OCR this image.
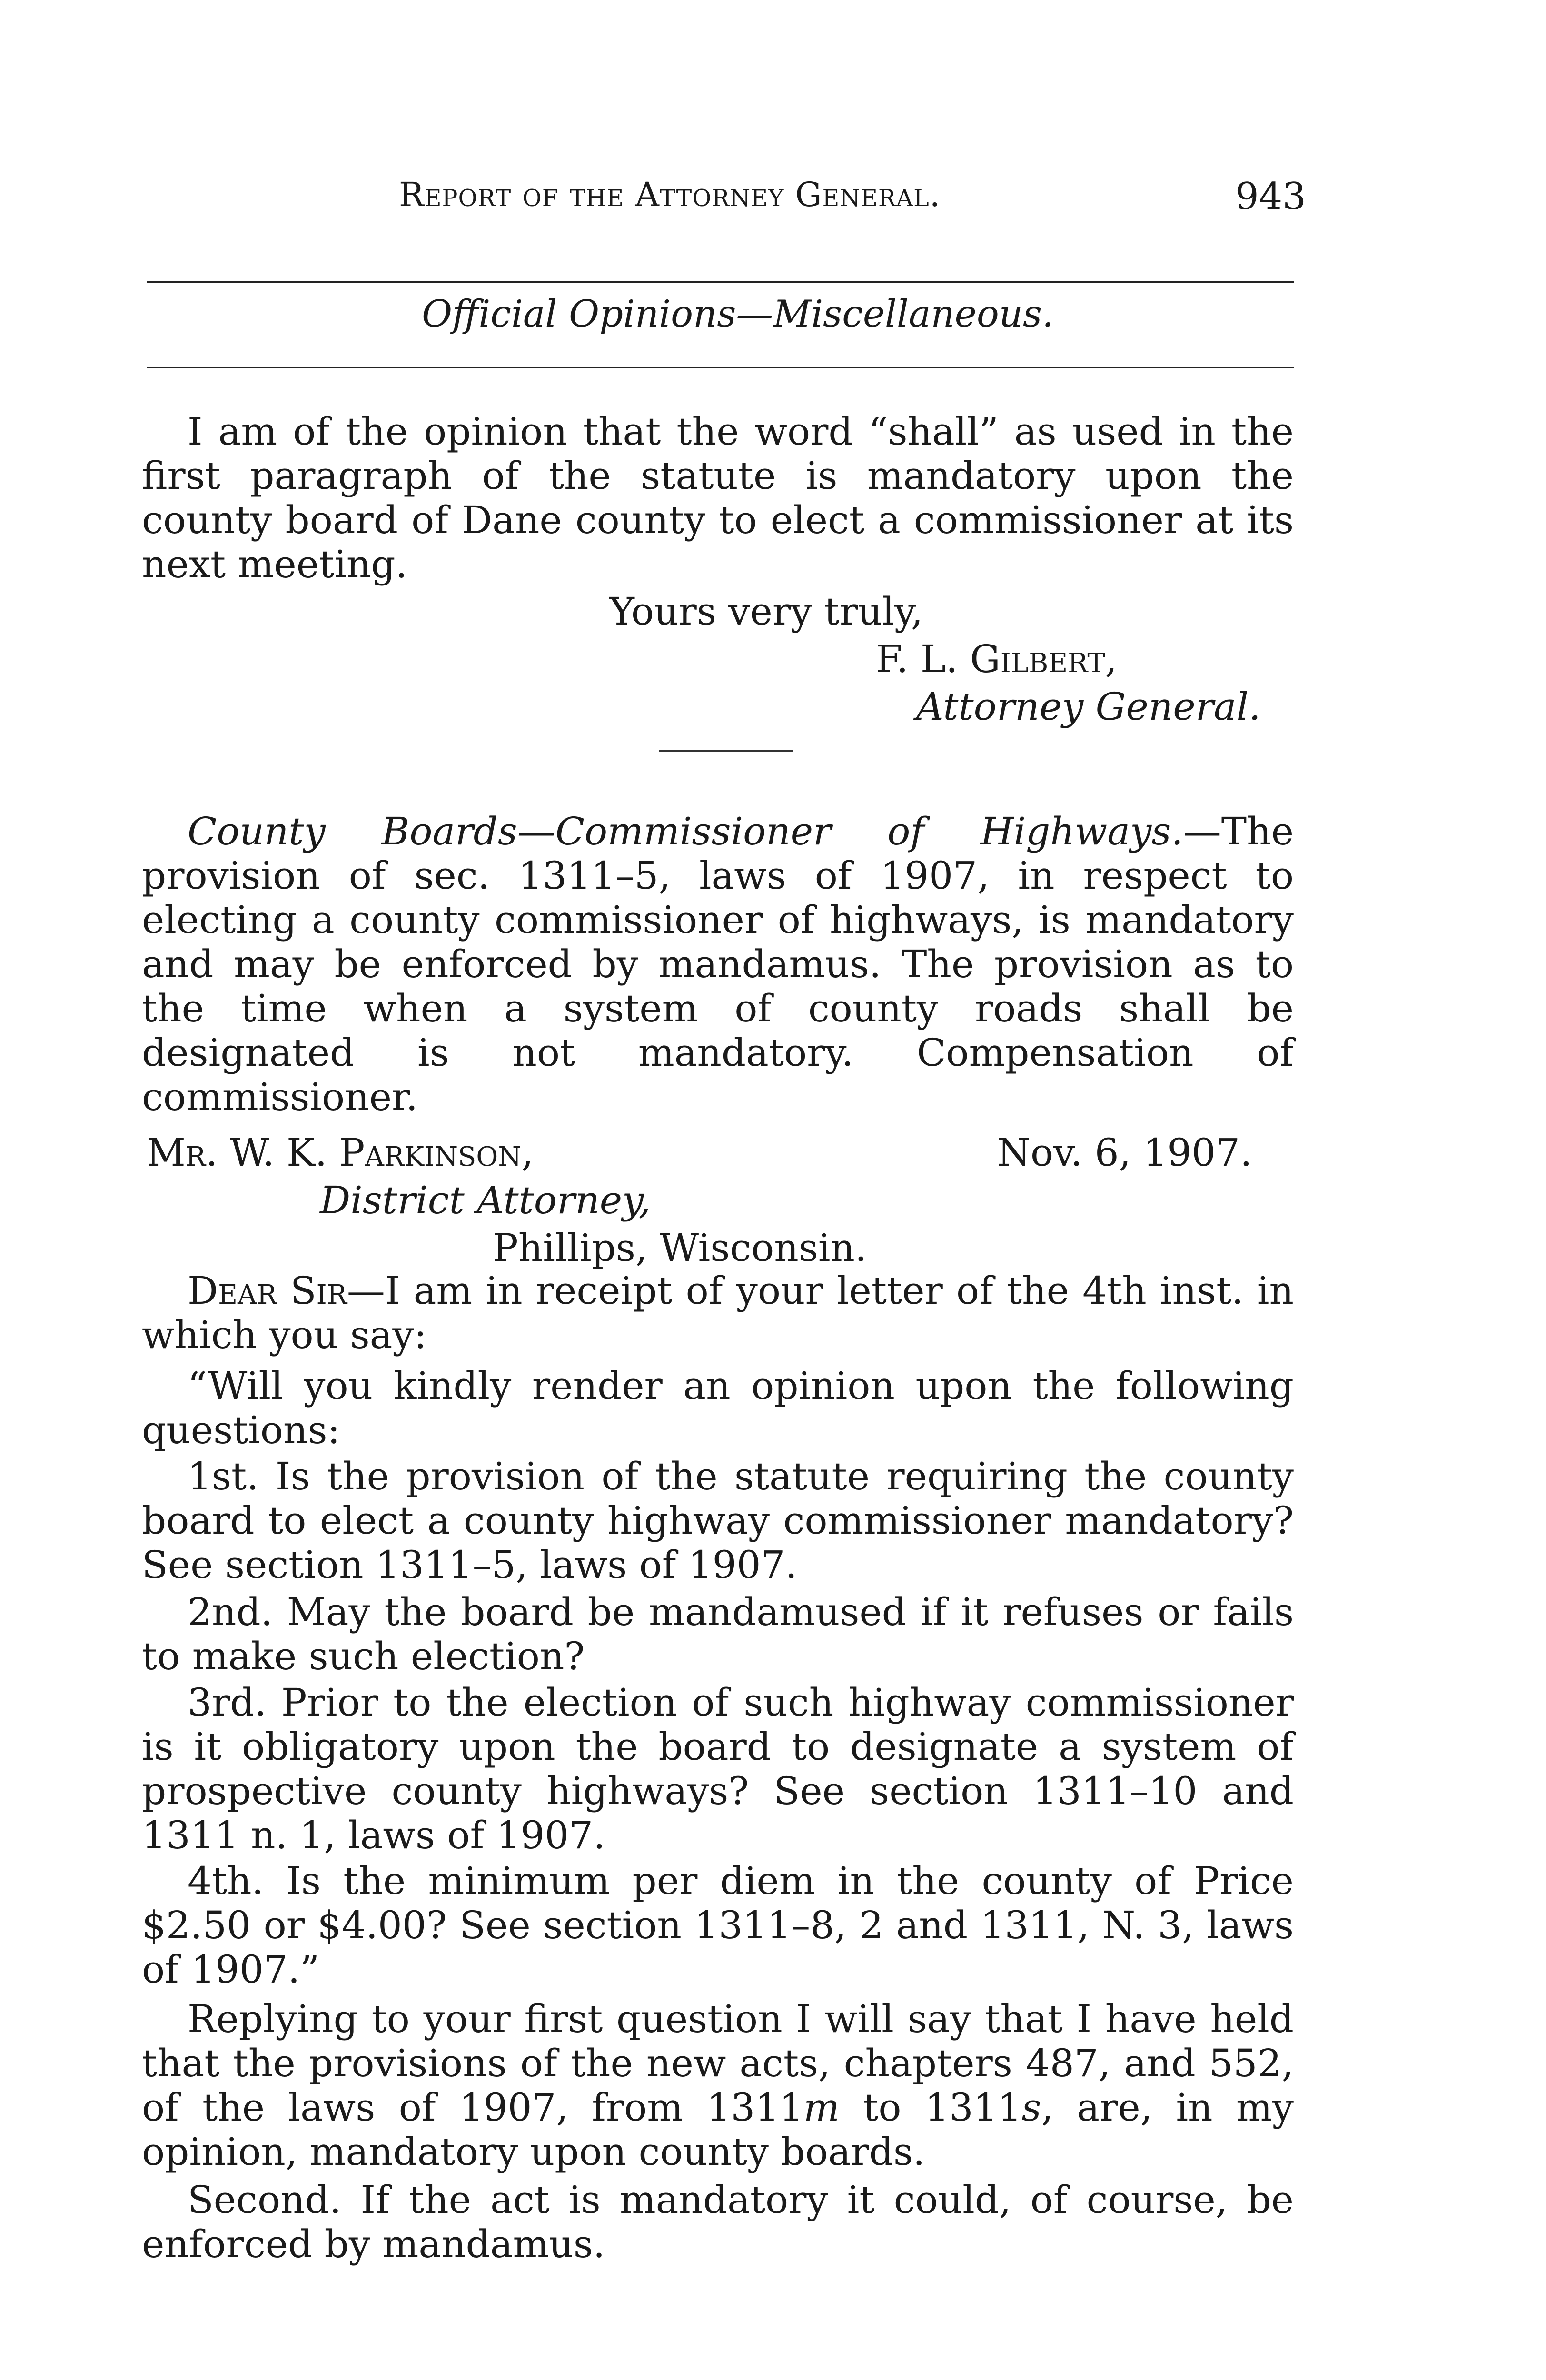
Report of the Attorney General.	943
Official Opinions—Miscellaneous.
I am of the opinion that the word “shall” as used in the first paragraph of the statute is mandatory upon the county board of Dane county to elect a commissioner at its next meeting.
Yours very truly,
F. L. Gilbert,
Attorney General.
County Boards—Commissioner of Highways.—The provision of sec. 1311–5, laws of 1907, in respect to electing a county commissioner of highways, is mandatory and may be enforced by mandamus. The provision as to the time when a system of county roads shall be designated is not mandatory. Compensation of commissioner.
Mr. W. K. Parkinson,	Nov. 6, 1907.
District Attorney,
Phillips, Wisconsin.
Dear Sir—I am in receipt of your letter of the 4th inst. in which you say:
“Will you kindly render an opinion upon the following questions:
1st. Is the provision of the statute requiring the county board to elect a county highway commissioner mandatory? See section 1311–5, laws of 1907.
2nd. May the board be mandamused if it refuses or fails to make such election?
3rd. Prior to the election of such highway commissioner is it obligatory upon the board to designate a system of prospective county highways? See section 1311–10 and 1311 n. 1, laws of 1907.
4th. Is the minimum per diem in the county of Price $2.50 or $4.00? See section 1311–8, 2 and 1311, N. 3, laws of 1907.”
Replying to your first question I will say that I have held that the provisions of the new acts, chapters 487, and 552, of the laws of 1907, from 1311m to 1311s, are, in my opinion, mandatory upon county boards.
Second. If the act is mandatory it could, of course, be enforced by mandamus.
